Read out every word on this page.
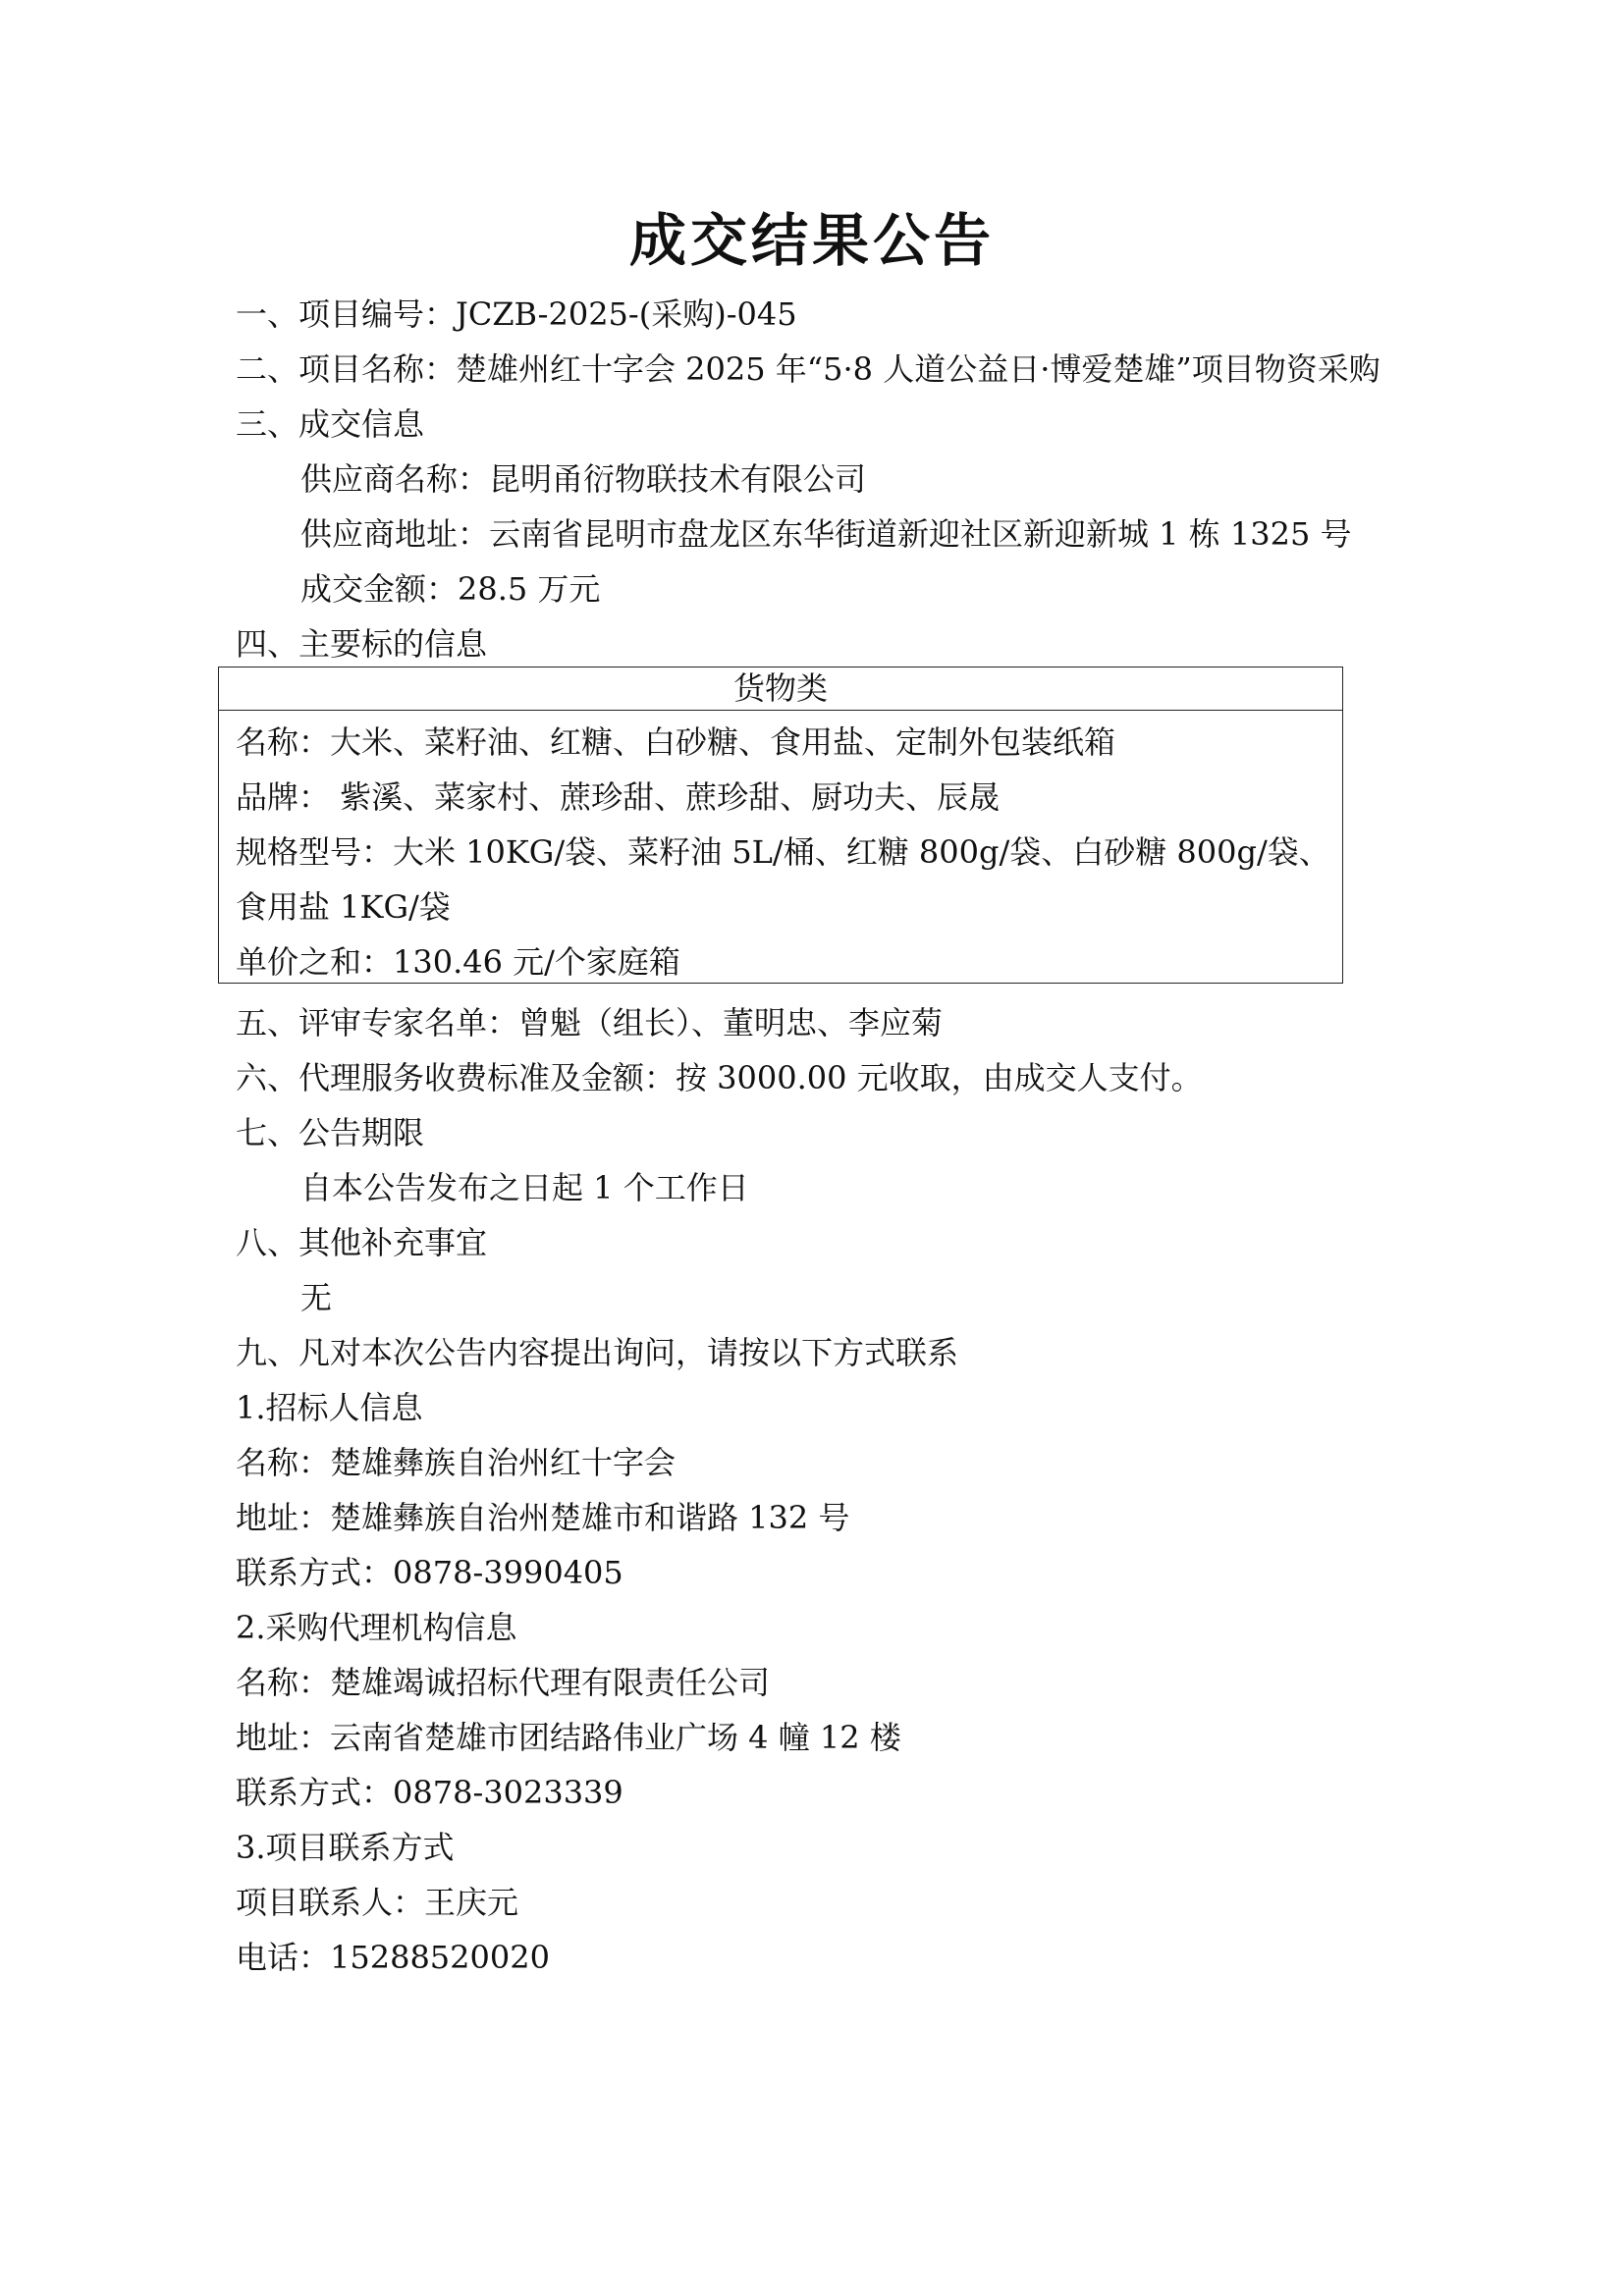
成交结果公告
一、项目编号：JCZB-2025-(采购)-045
二、项目名称：楚雄州红十字会 2025 年“5·8 人道公益日·博爱楚雄”项目物资采购
三、成交信息
供应商名称：昆明甬衍物联技术有限公司
供应商地址：云南省昆明市盘龙区东华街道新迎社区新迎新城 1 栋 1325 号
成交金额：28.5 万元
四、主要标的信息
货物类
名称：大米、菜籽油、红糖、白砂糖、食用盐、定制外包装纸箱
品牌： 紫溪、菜家村、蔗珍甜、蔗珍甜、厨功夫、辰晟
规格型号：大米 10KG/袋、菜籽油 5L/桶、红糖 800g/袋、白砂糖 800g/袋、
食用盐 1KG/袋
单价之和：130.46 元/个家庭箱
五、评审专家名单：曾魁（组长）、董明忠、李应菊
六、代理服务收费标准及金额：按 3000.00 元收取，由成交人支付。
七、公告期限
自本公告发布之日起 1 个工作日
八、其他补充事宜
无
九、凡对本次公告内容提出询问，请按以下方式联系
1.招标人信息
名称：楚雄彝族自治州红十字会
地址：楚雄彝族自治州楚雄市和谐路 132 号
联系方式：0878-3990405
2.采购代理机构信息
名称：楚雄竭诚招标代理有限责任公司
地址：云南省楚雄市团结路伟业广场 4 幢 12 楼
联系方式：0878-3023339
3.项目联系方式
项目联系人：王庆元
电话：15288520020
